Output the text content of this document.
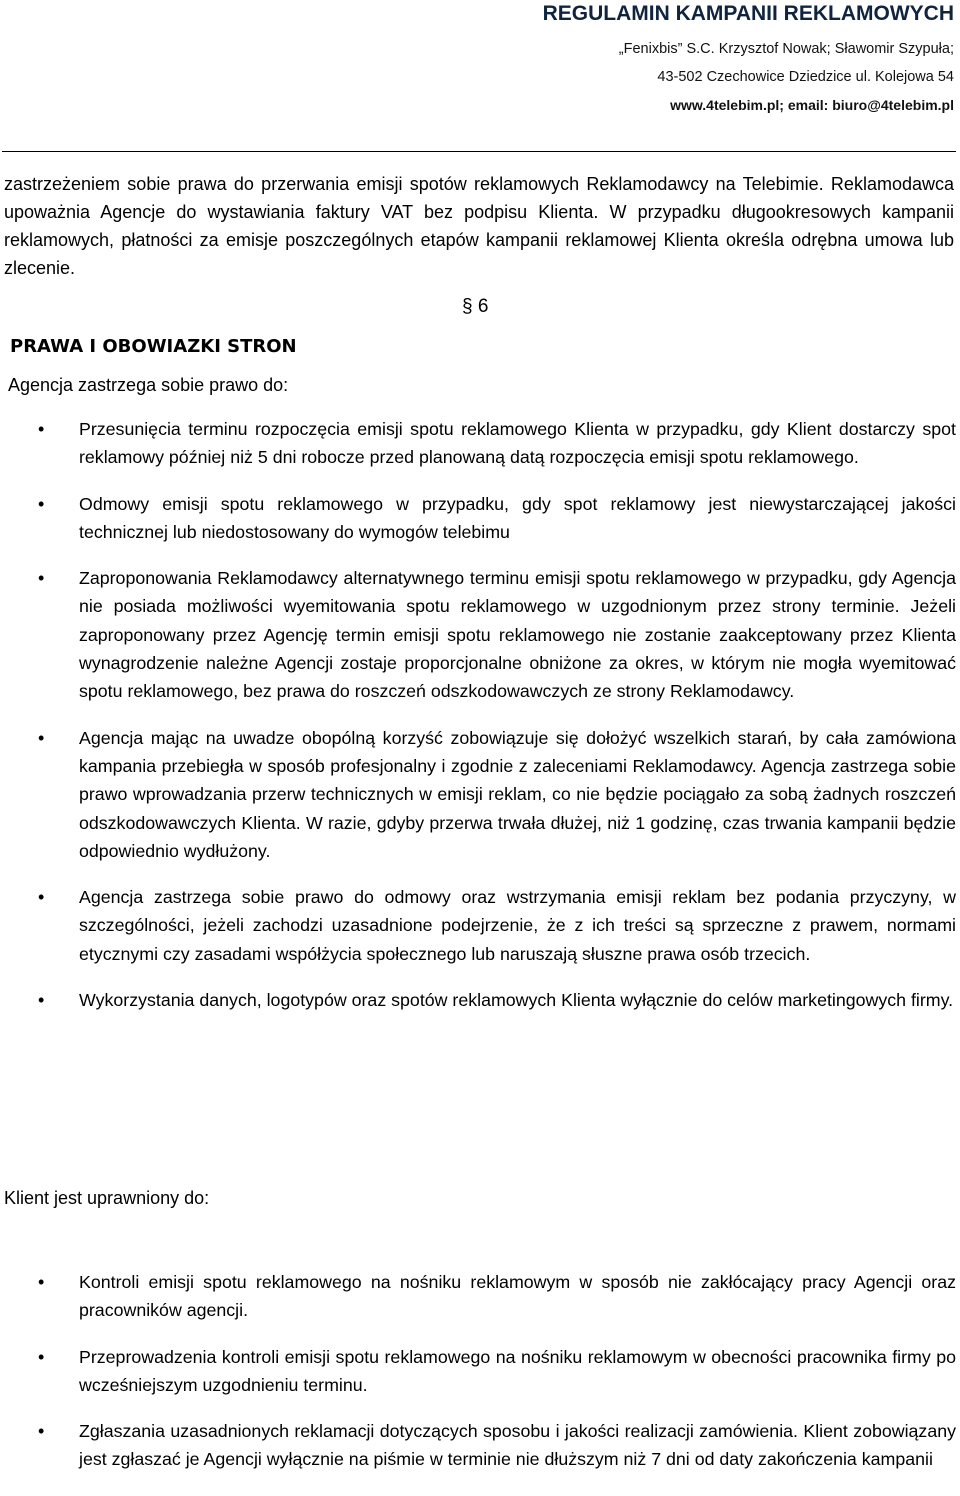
REGULAMIN KAMPANII REKLAMOWYCH
„Fenixbis” S.C. Krzysztof Nowak; Sławomir Szypuła;
43-502 Czechowice Dziedzice ul. Kolejowa 54
www.4telebim.pl; email: biuro@4telebim.pl
zastrzeżeniem sobie prawa do przerwania emisji spotów reklamowych Reklamodawcy na Telebimie. Reklamodawca upoważnia Agencje do wystawiania faktury VAT bez podpisu Klienta. W przypadku długookresowych kampanii reklamowych, płatności za emisje poszczególnych etapów kampanii reklamowej Klienta określa odrębna umowa lub zlecenie.
§ 6
PRAWA I OBOWIAZKI STRON
Agencja zastrzega sobie prawo do:
• Przesunięcia terminu rozpoczęcia emisji spotu reklamowego Klienta w przypadku, gdy Klient dostarczy spot reklamowy później niż 5 dni robocze przed planowaną datą rozpoczęcia emisji spotu reklamowego.
• Odmowy emisji spotu reklamowego w przypadku, gdy spot reklamowy jest niewystarczającej jakości technicznej lub niedostosowany do wymogów telebimu
• Zaproponowania Reklamodawcy alternatywnego terminu emisji spotu reklamowego w przypadku, gdy Agencja nie posiada możliwości wyemitowania spotu reklamowego w uzgodnionym przez strony terminie. Jeżeli zaproponowany przez Agencję termin emisji spotu reklamowego nie zostanie zaakceptowany przez Klienta wynagrodzenie należne Agencji zostaje proporcjonalne obniżone za okres, w którym nie mogła wyemitować spotu reklamowego, bez prawa do roszczeń odszkodowawczych ze strony Reklamodawcy.
• Agencja mając na uwadze obopólną korzyść zobowiązuje się dołożyć wszelkich starań, by cała zamówiona kampania przebiegła w sposób profesjonalny i zgodnie z zaleceniami Reklamodawcy. Agencja zastrzega sobie prawo wprowadzania przerw technicznych w emisji reklam, co nie będzie pociągało za sobą żadnych roszczeń odszkodowawczych Klienta. W razie, gdyby przerwa trwała dłużej, niż 1 godzinę, czas trwania kampanii będzie odpowiednio wydłużony.
• Agencja zastrzega sobie prawo do odmowy oraz wstrzymania emisji reklam bez podania przyczyny, w szczególności, jeżeli zachodzi uzasadnione podejrzenie, że z ich treści są sprzeczne z prawem, normami etycznymi czy zasadami współżycia społecznego lub naruszają słuszne prawa osób trzecich.
• Wykorzystania danych, logotypów oraz spotów reklamowych Klienta wyłącznie do celów marketingowych firmy.
Klient jest uprawniony do:
• Kontroli emisji spotu reklamowego na nośniku reklamowym w sposób nie zakłócający pracy Agencji oraz pracowników agencji.
• Przeprowadzenia kontroli emisji spotu reklamowego na nośniku reklamowym w obecności pracownika firmy po wcześniejszym uzgodnieniu terminu.
• Zgłaszania uzasadnionych reklamacji dotyczących sposobu i jakości realizacji zamówienia. Klient zobowiązany jest zgłaszać je Agencji wyłącznie na piśmie w terminie nie dłuższym niż 7 dni od daty zakończenia kampanii
